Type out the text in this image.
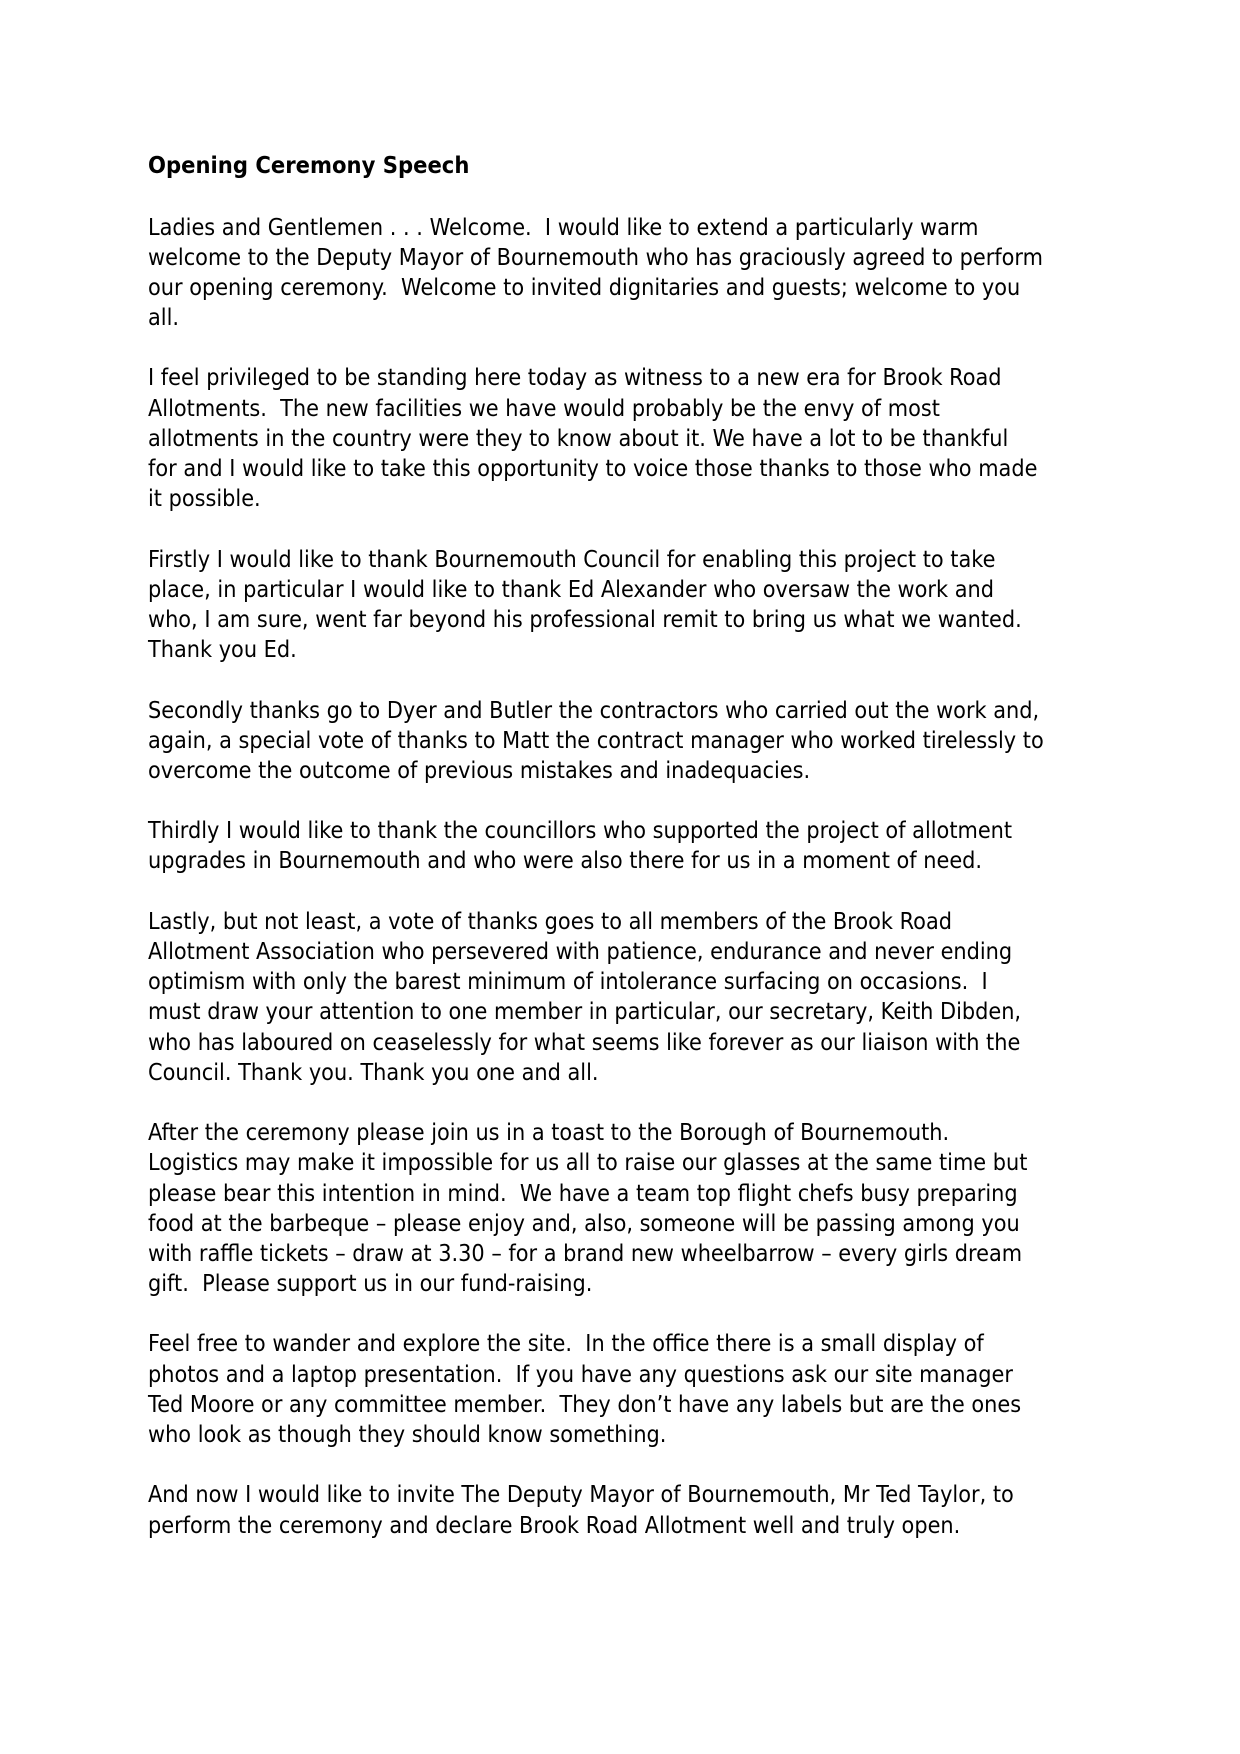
Opening Ceremony Speech

Ladies and Gentlemen . . . Welcome.  I would like to extend a particularly warm
welcome to the Deputy Mayor of Bournemouth who has graciously agreed to perform
our opening ceremony.  Welcome to invited dignitaries and guests; welcome to you
all.

I feel privileged to be standing here today as witness to a new era for Brook Road
Allotments.  The new facilities we have would probably be the envy of most
allotments in the country were they to know about it. We have a lot to be thankful
for and I would like to take this opportunity to voice those thanks to those who made
it possible.

Firstly I would like to thank Bournemouth Council for enabling this project to take
place, in particular I would like to thank Ed Alexander who oversaw the work and
who, I am sure, went far beyond his professional remit to bring us what we wanted.
Thank you Ed.

Secondly thanks go to Dyer and Butler the contractors who carried out the work and,
again, a special vote of thanks to Matt the contract manager who worked tirelessly to
overcome the outcome of previous mistakes and inadequacies.

Thirdly I would like to thank the councillors who supported the project of allotment
upgrades in Bournemouth and who were also there for us in a moment of need.

Lastly, but not least, a vote of thanks goes to all members of the Brook Road
Allotment Association who persevered with patience, endurance and never ending
optimism with only the barest minimum of intolerance surfacing on occasions.  I
must draw your attention to one member in particular, our secretary, Keith Dibden,
who has laboured on ceaselessly for what seems like forever as our liaison with the
Council. Thank you. Thank you one and all.

After the ceremony please join us in a toast to the Borough of Bournemouth.
Logistics may make it impossible for us all to raise our glasses at the same time but
please bear this intention in mind.  We have a team top flight chefs busy preparing
food at the barbeque – please enjoy and, also, someone will be passing among you
with raffle tickets – draw at 3.30 – for a brand new wheelbarrow – every girls dream
gift.  Please support us in our fund-raising.

Feel free to wander and explore the site.  In the office there is a small display of
photos and a laptop presentation.  If you have any questions ask our site manager
Ted Moore or any committee member.  They don’t have any labels but are the ones
who look as though they should know something.

And now I would like to invite The Deputy Mayor of Bournemouth, Mr Ted Taylor, to
perform the ceremony and declare Brook Road Allotment well and truly open.
